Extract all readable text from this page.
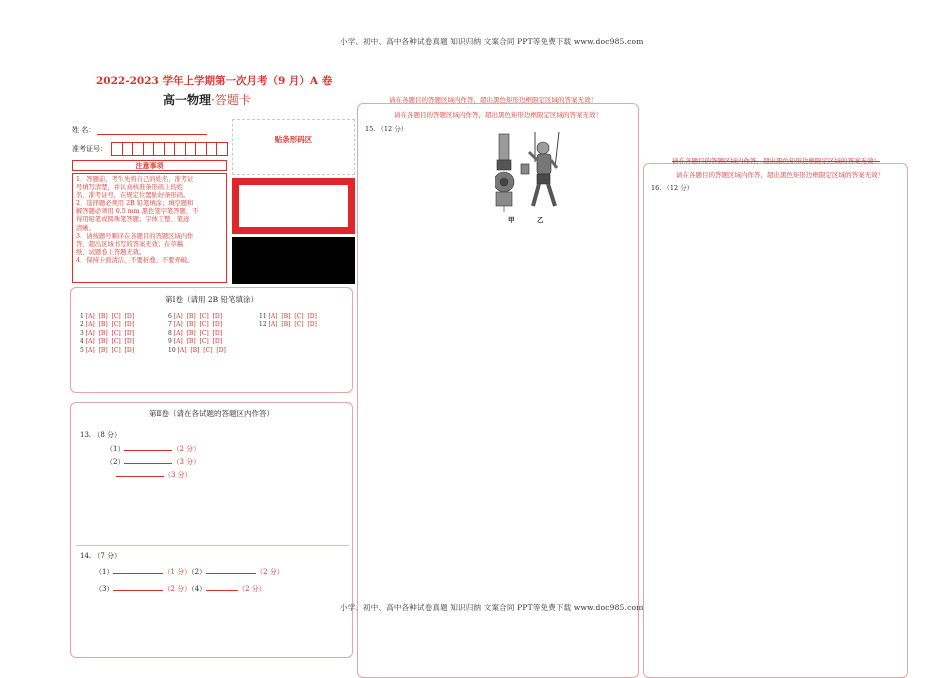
小学、初中、高中各种试卷真题 知识归纳 文案合同 PPT等免费下载 www.doc985.com
2022-2023 学年上学期第一次月考（9 月）A 卷
高一物理·答题卡
姓 名：
准考证号：
贴条形码区
注意事项
1．答题前，考生先将自己的姓名，准考证
号填写清楚，并认真核准条形码上的姓
名、准考证号，在规定位置贴好条形码。
2．选择题必须用 2B 铅笔填涂；填空题和
解答题必须用 0.5 mm 黑色签字笔答题，不
得用铅笔或圆珠笔答题；字体工整、笔迹
清晰。
3．请按题号顺序在各题目的答题区域内作
答，超出区域书写的答案无效；在草稿
纸、试题卷上答题无效。
4．保持卡面清洁，不要折叠、不要弄破。
第Ⅰ卷（请用 2B 铅笔填涂）
1 [A]  [B]  [C]  [D]
2 [A]  [B]  [C]  [D]
3 [A]  [B]  [C]  [D]
4 [A]  [B]  [C]  [D]
5 [A]  [B]  [C]  [D]
6 [A]  [B]  [C]  [D]
7 [A]  [B]  [C]  [D]
8 [A]  [B]  [C]  [D]
9 [A]  [B]  [C]  [D]
10 [A]  [B]  [C]  [D]
11 [A]  [B]  [C]  [D]
12 [A]  [B]  [C]  [D]
第Ⅱ卷（请在各试题的答题区内作答）
13. （8 分）
（1）	（2 分）
（2）	（3 分）
（3 分）
14. （7 分）
（1）	（1 分）（2）	（2 分）
（3）	（2 分）（4）	（2 分）
小学、初中、高中各种试卷真题 知识归纳 文案合同 PPT等免费下载 www.doc985.com
请在各题目的答题区域内作答，超出黑色矩形边框限定区域的答案无效！
请在各题目的答题区域内作答，超出黑色矩形边框限定区域的答案无效！
15. （12 分）
甲	乙
请在各题目的答题区域内作答，超出黑色矩形边框限定区域的答案无效！
请在各题目的答题区域内作答，超出黑色矩形边框限定区域的答案无效！
16. （12 分）
